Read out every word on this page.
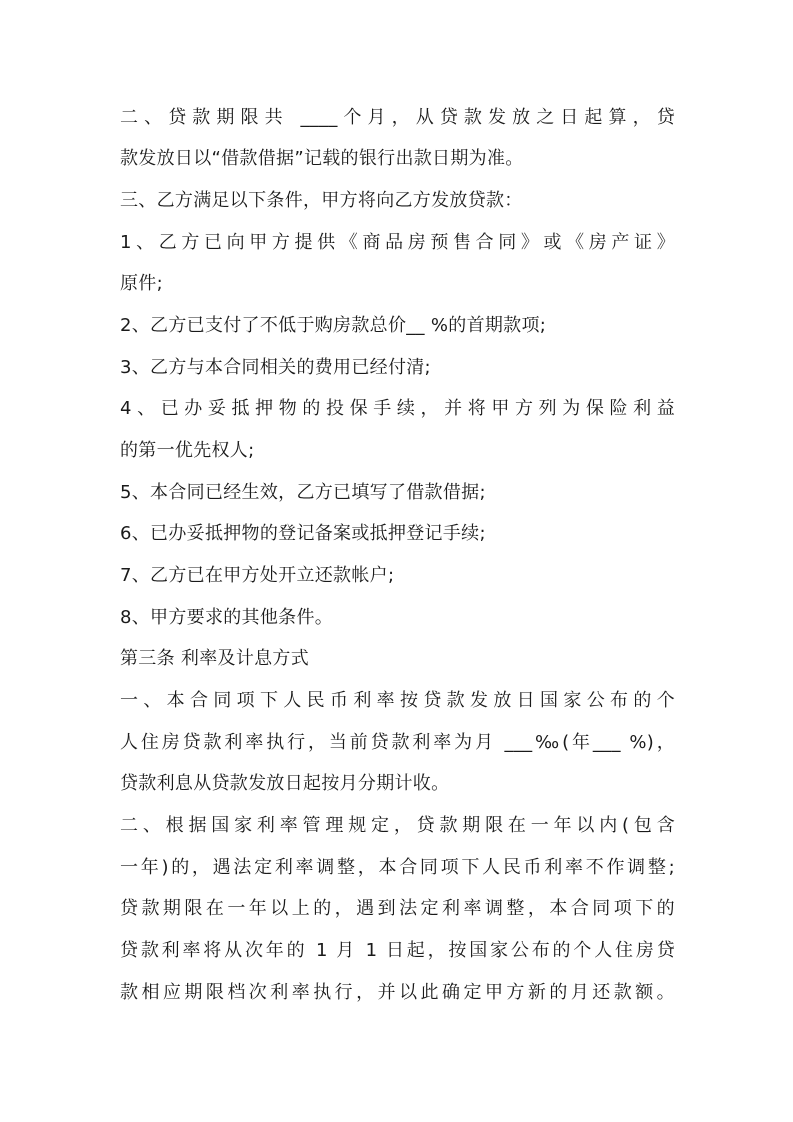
二、贷款期限共 ____个月，从贷款发放之日起算，贷
款发放日以“借款借据”记载的银行出款日期为准。
三、乙方满足以下条件，甲方将向乙方发放贷款：
1、乙方已向甲方提供《商品房预售合同》或《房产证》
原件;
2、乙方已支付了不低于购房款总价__ %的首期款项;
3、乙方与本合同相关的费用已经付清;
4、已办妥抵押物的投保手续，并将甲方列为保险利益
的第一优先权人;
5、本合同已经生效，乙方已填写了借款借据;
6、已办妥抵押物的登记备案或抵押登记手续;
7、乙方已在甲方处开立还款帐户;
8、甲方要求的其他条件。
第三条 利率及计息方式
一、本合同项下人民币利率按贷款发放日国家公布的个
人住房贷款利率执行，当前贷款利率为月 ___‰(年___ %)，
贷款利息从贷款发放日起按月分期计收。
二、根据国家利率管理规定，贷款期限在一年以内(包含
一年)的，遇法定利率调整，本合同项下人民币利率不作调整;
贷款期限在一年以上的，遇到法定利率调整，本合同项下的
贷款利率将从次年的 1 月 1 日起，按国家公布的个人住房贷
款相应期限档次利率执行，并以此确定甲方新的月还款额。
